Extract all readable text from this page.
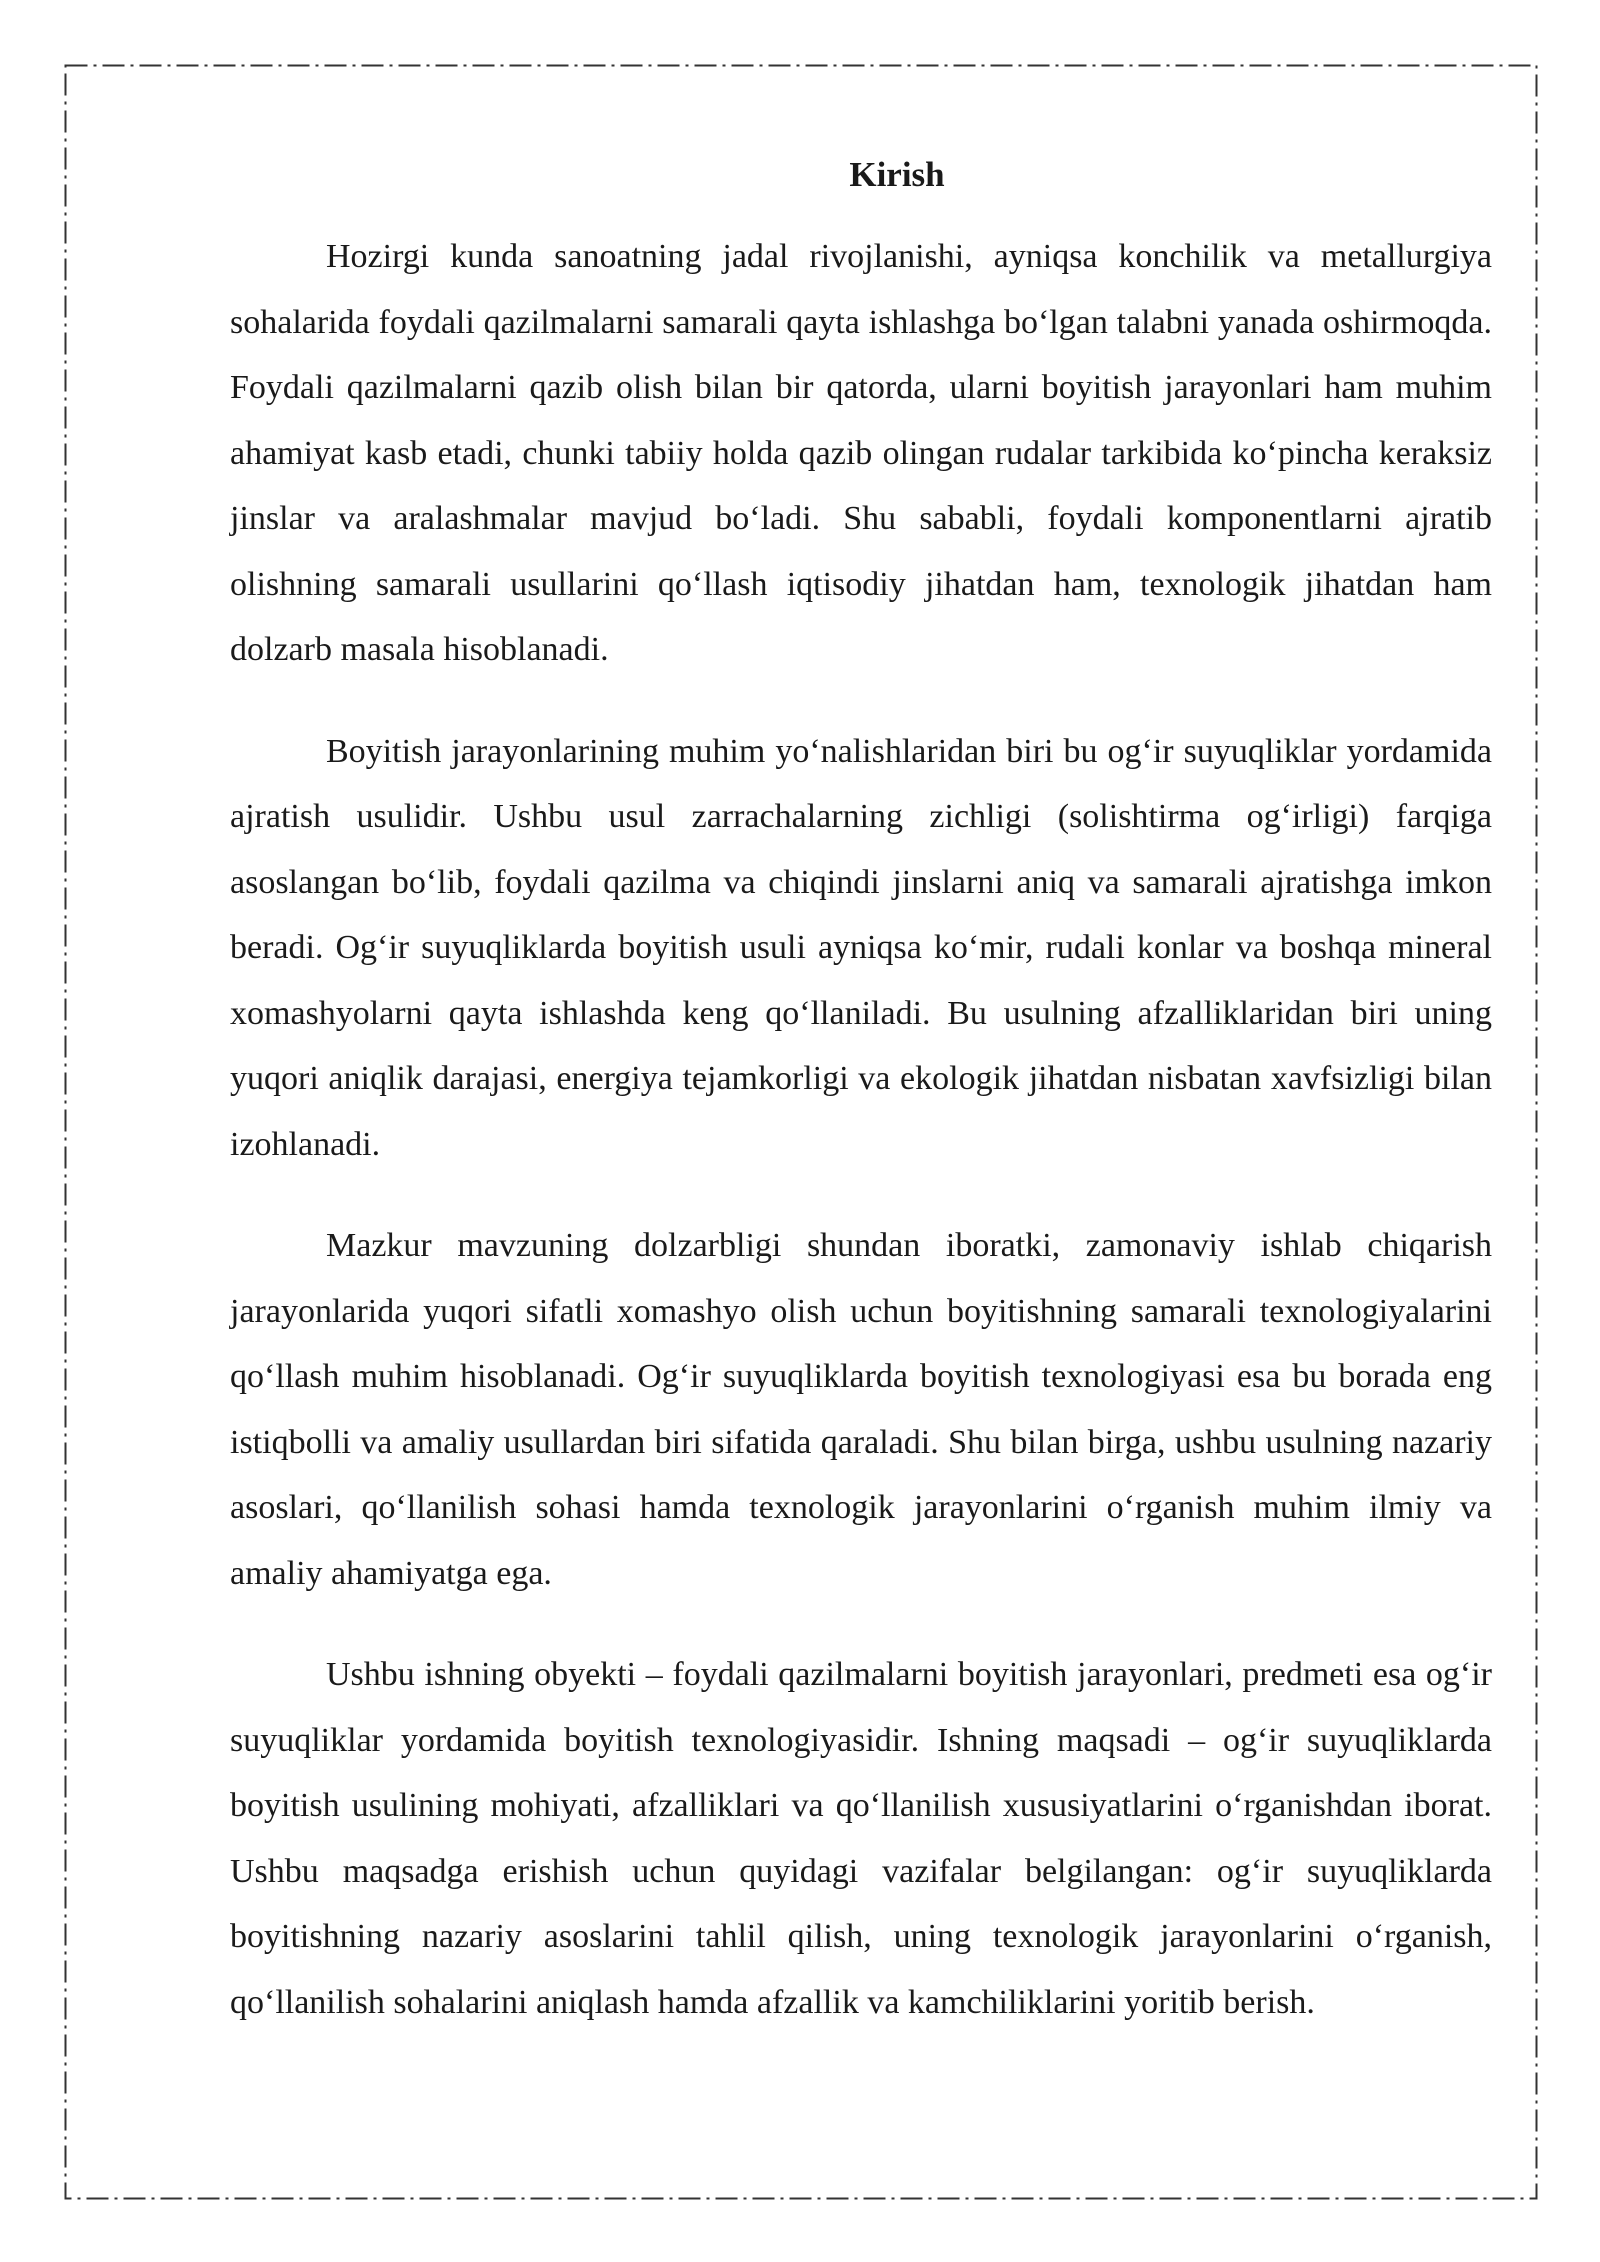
Kirish

Hozirgi kunda sanoatning jadal rivojlanishi, ayniqsa konchilik va metallurgiya sohalarida foydali qazilmalarni samarali qayta ishlashga bo‘lgan talabni yanada oshirmoqda. Foydali qazilmalarni qazib olish bilan bir qatorda, ularni boyitish jarayonlari ham muhim ahamiyat kasb etadi, chunki tabiiy holda qazib olingan rudalar tarkibida ko‘pincha keraksiz jinslar va aralashmalar mavjud bo‘ladi. Shu sababli, foydali komponentlarni ajratib olishning samarali usullarini qo‘llash iqtisodiy jihatdan ham, texnologik jihatdan ham dolzarb masala hisoblanadi.

Boyitish jarayonlarining muhim yo‘nalishlaridan biri bu og‘ir suyuqliklar yordamida ajratish usulidir. Ushbu usul zarrachalarning zichligi (solishtirma og‘irligi) farqiga asoslangan bo‘lib, foydali qazilma va chiqindi jinslarni aniq va samarali ajratishga imkon beradi. Og‘ir suyuqliklarda boyitish usuli ayniqsa ko‘mir, rudali konlar va boshqa mineral xomashyolarni qayta ishlashda keng qo‘llaniladi. Bu usulning afzalliklaridan biri uning yuqori aniqlik darajasi, energiya tejamkorligi va ekologik jihatdan nisbatan xavfsizligi bilan izohlanadi.

Mazkur mavzuning dolzarbligi shundan iboratki, zamonaviy ishlab chiqarish jarayonlarida yuqori sifatli xomashyo olish uchun boyitishning samarali texnologiyalarini qo‘llash muhim hisoblanadi. Og‘ir suyuqliklarda boyitish texnologiyasi esa bu borada eng istiqbolli va amaliy usullardan biri sifatida qaraladi. Shu bilan birga, ushbu usulning nazariy asoslari, qo‘llanilish sohasi hamda texnologik jarayonlarini o‘rganish muhim ilmiy va amaliy ahamiyatga ega.

Ushbu ishning obyekti – foydali qazilmalarni boyitish jarayonlari, predmeti esa og‘ir suyuqliklar yordamida boyitish texnologiyasidir. Ishning maqsadi – og‘ir suyuqliklarda boyitish usulining mohiyati, afzalliklari va qo‘llanilish xususiyatlarini o‘rganishdan iborat. Ushbu maqsadga erishish uchun quyidagi vazifalar belgilangan: og‘ir suyuqliklarda boyitishning nazariy asoslarini tahlil qilish, uning texnologik jarayonlarini o‘rganish, qo‘llanilish sohalarini aniqlash hamda afzallik va kamchiliklarini yoritib berish.
